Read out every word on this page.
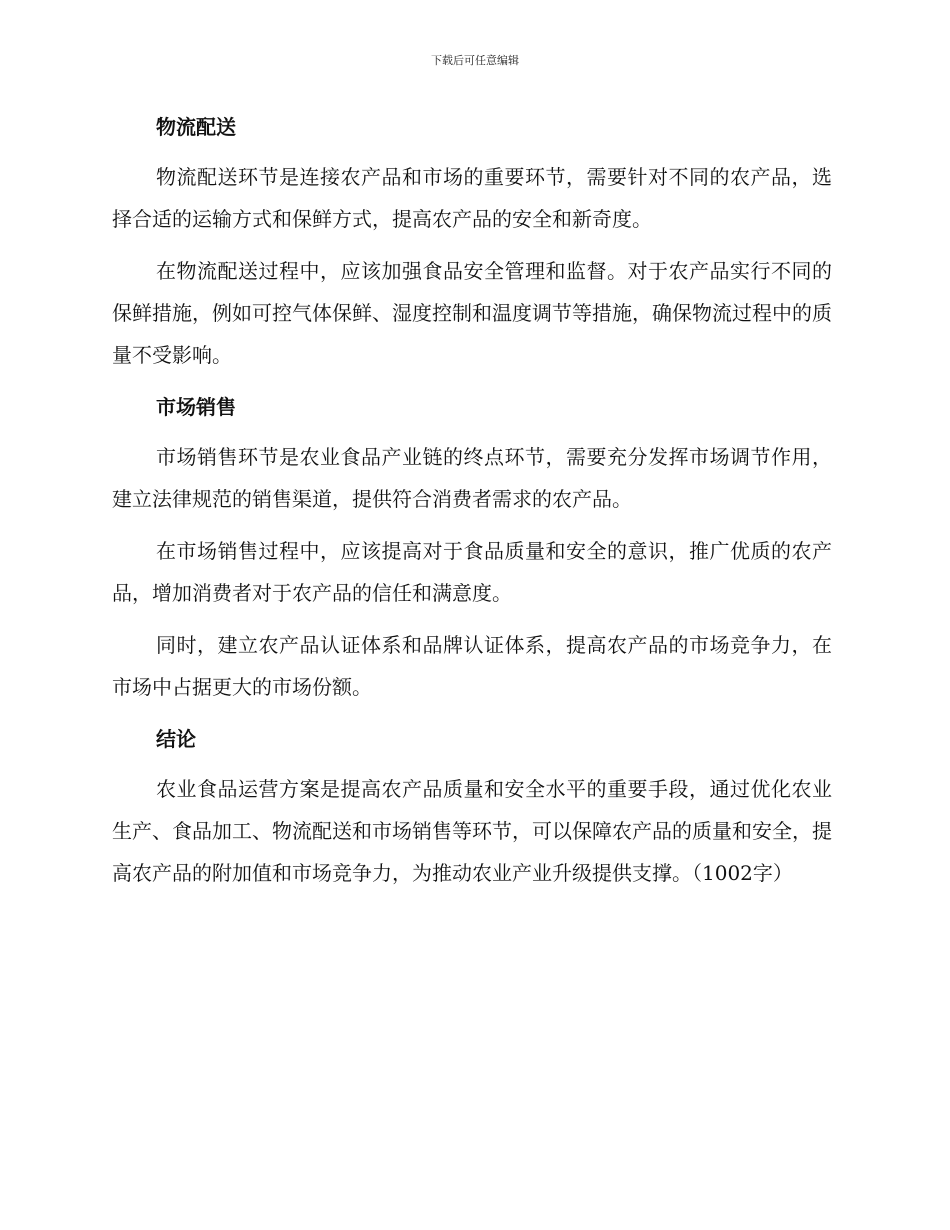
下载后可任意编辑
物流配送

物流配送环节是连接农产品和市场的重要环节，需要针对不同的农产品，选择合适的运输方式和保鲜方式，提高农产品的安全和新奇度。

在物流配送过程中，应该加强食品安全管理和监督。对于农产品实行不同的保鲜措施，例如可控气体保鲜、湿度控制和温度调节等措施，确保物流过程中的质量不受影响。

市场销售

市场销售环节是农业食品产业链的终点环节，需要充分发挥市场调节作用，建立法律规范的销售渠道，提供符合消费者需求的农产品。

在市场销售过程中，应该提高对于食品质量和安全的意识，推广优质的农产品，增加消费者对于农产品的信任和满意度。

同时，建立农产品认证体系和品牌认证体系，提高农产品的市场竞争力，在市场中占据更大的市场份额。

结论

农业食品运营方案是提高农产品质量和安全水平的重要手段，通过优化农业生产、食品加工、物流配送和市场销售等环节，可以保障农产品的质量和安全，提高农产品的附加值和市场竞争力，为推动农业产业升级提供支撑。（1002字）
